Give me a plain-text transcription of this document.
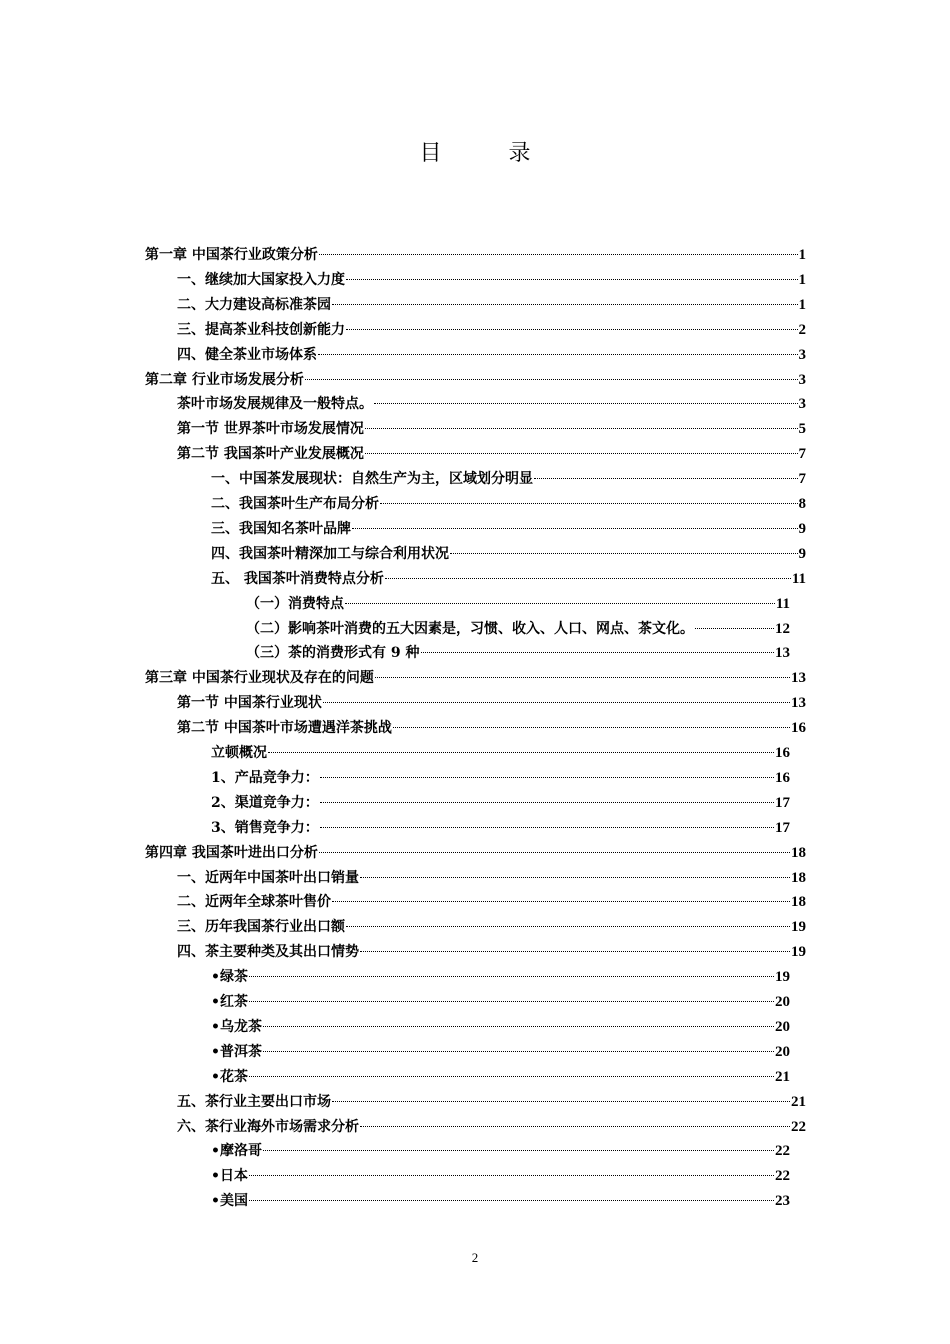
目 录
第一章 中国茶行业政策分析	1
一、继续加大国家投入力度	1
二、大力建设高标准茶园	1
三、提高茶业科技创新能力	2
四、健全茶业市场体系	3
第二章 行业市场发展分析	3
茶叶市场发展规律及一般特点。	3
第一节 世界茶叶市场发展情况	5
第二节 我国茶叶产业发展概况	7
一、中国茶发展现状：自然生产为主，区域划分明显	7
二、我国茶叶生产布局分析	8
三、我国知名茶叶品牌	9
四、我国茶叶精深加工与综合利用状况	9
五、 我国茶叶消费特点分析	11
（一）消费特点	11
（二）影响茶叶消费的五大因素是，习惯、收入、人口、网点、茶文化。	12
（三）茶的消费形式有 9 种	13
第三章 中国茶行业现状及存在的问题	13
第一节 中国茶行业现状	13
第二节 中国茶叶市场遭遇洋茶挑战	16
立顿概况	16
1、产品竞争力：	16
2、渠道竞争力：	17
3、销售竞争力：	17
第四章 我国茶叶进出口分析	18
一、近两年中国茶叶出口销量	18
二、近两年全球茶叶售价	18
三、历年我国茶行业出口额	19
四、茶主要种类及其出口情势	19
•绿茶	19
•红茶	20
•乌龙茶	20
•普洱茶	20
•花茶	21
五、茶行业主要出口市场	21
六、茶行业海外市场需求分析	22
•摩洛哥	22
•日本	22
•美国	23
2
